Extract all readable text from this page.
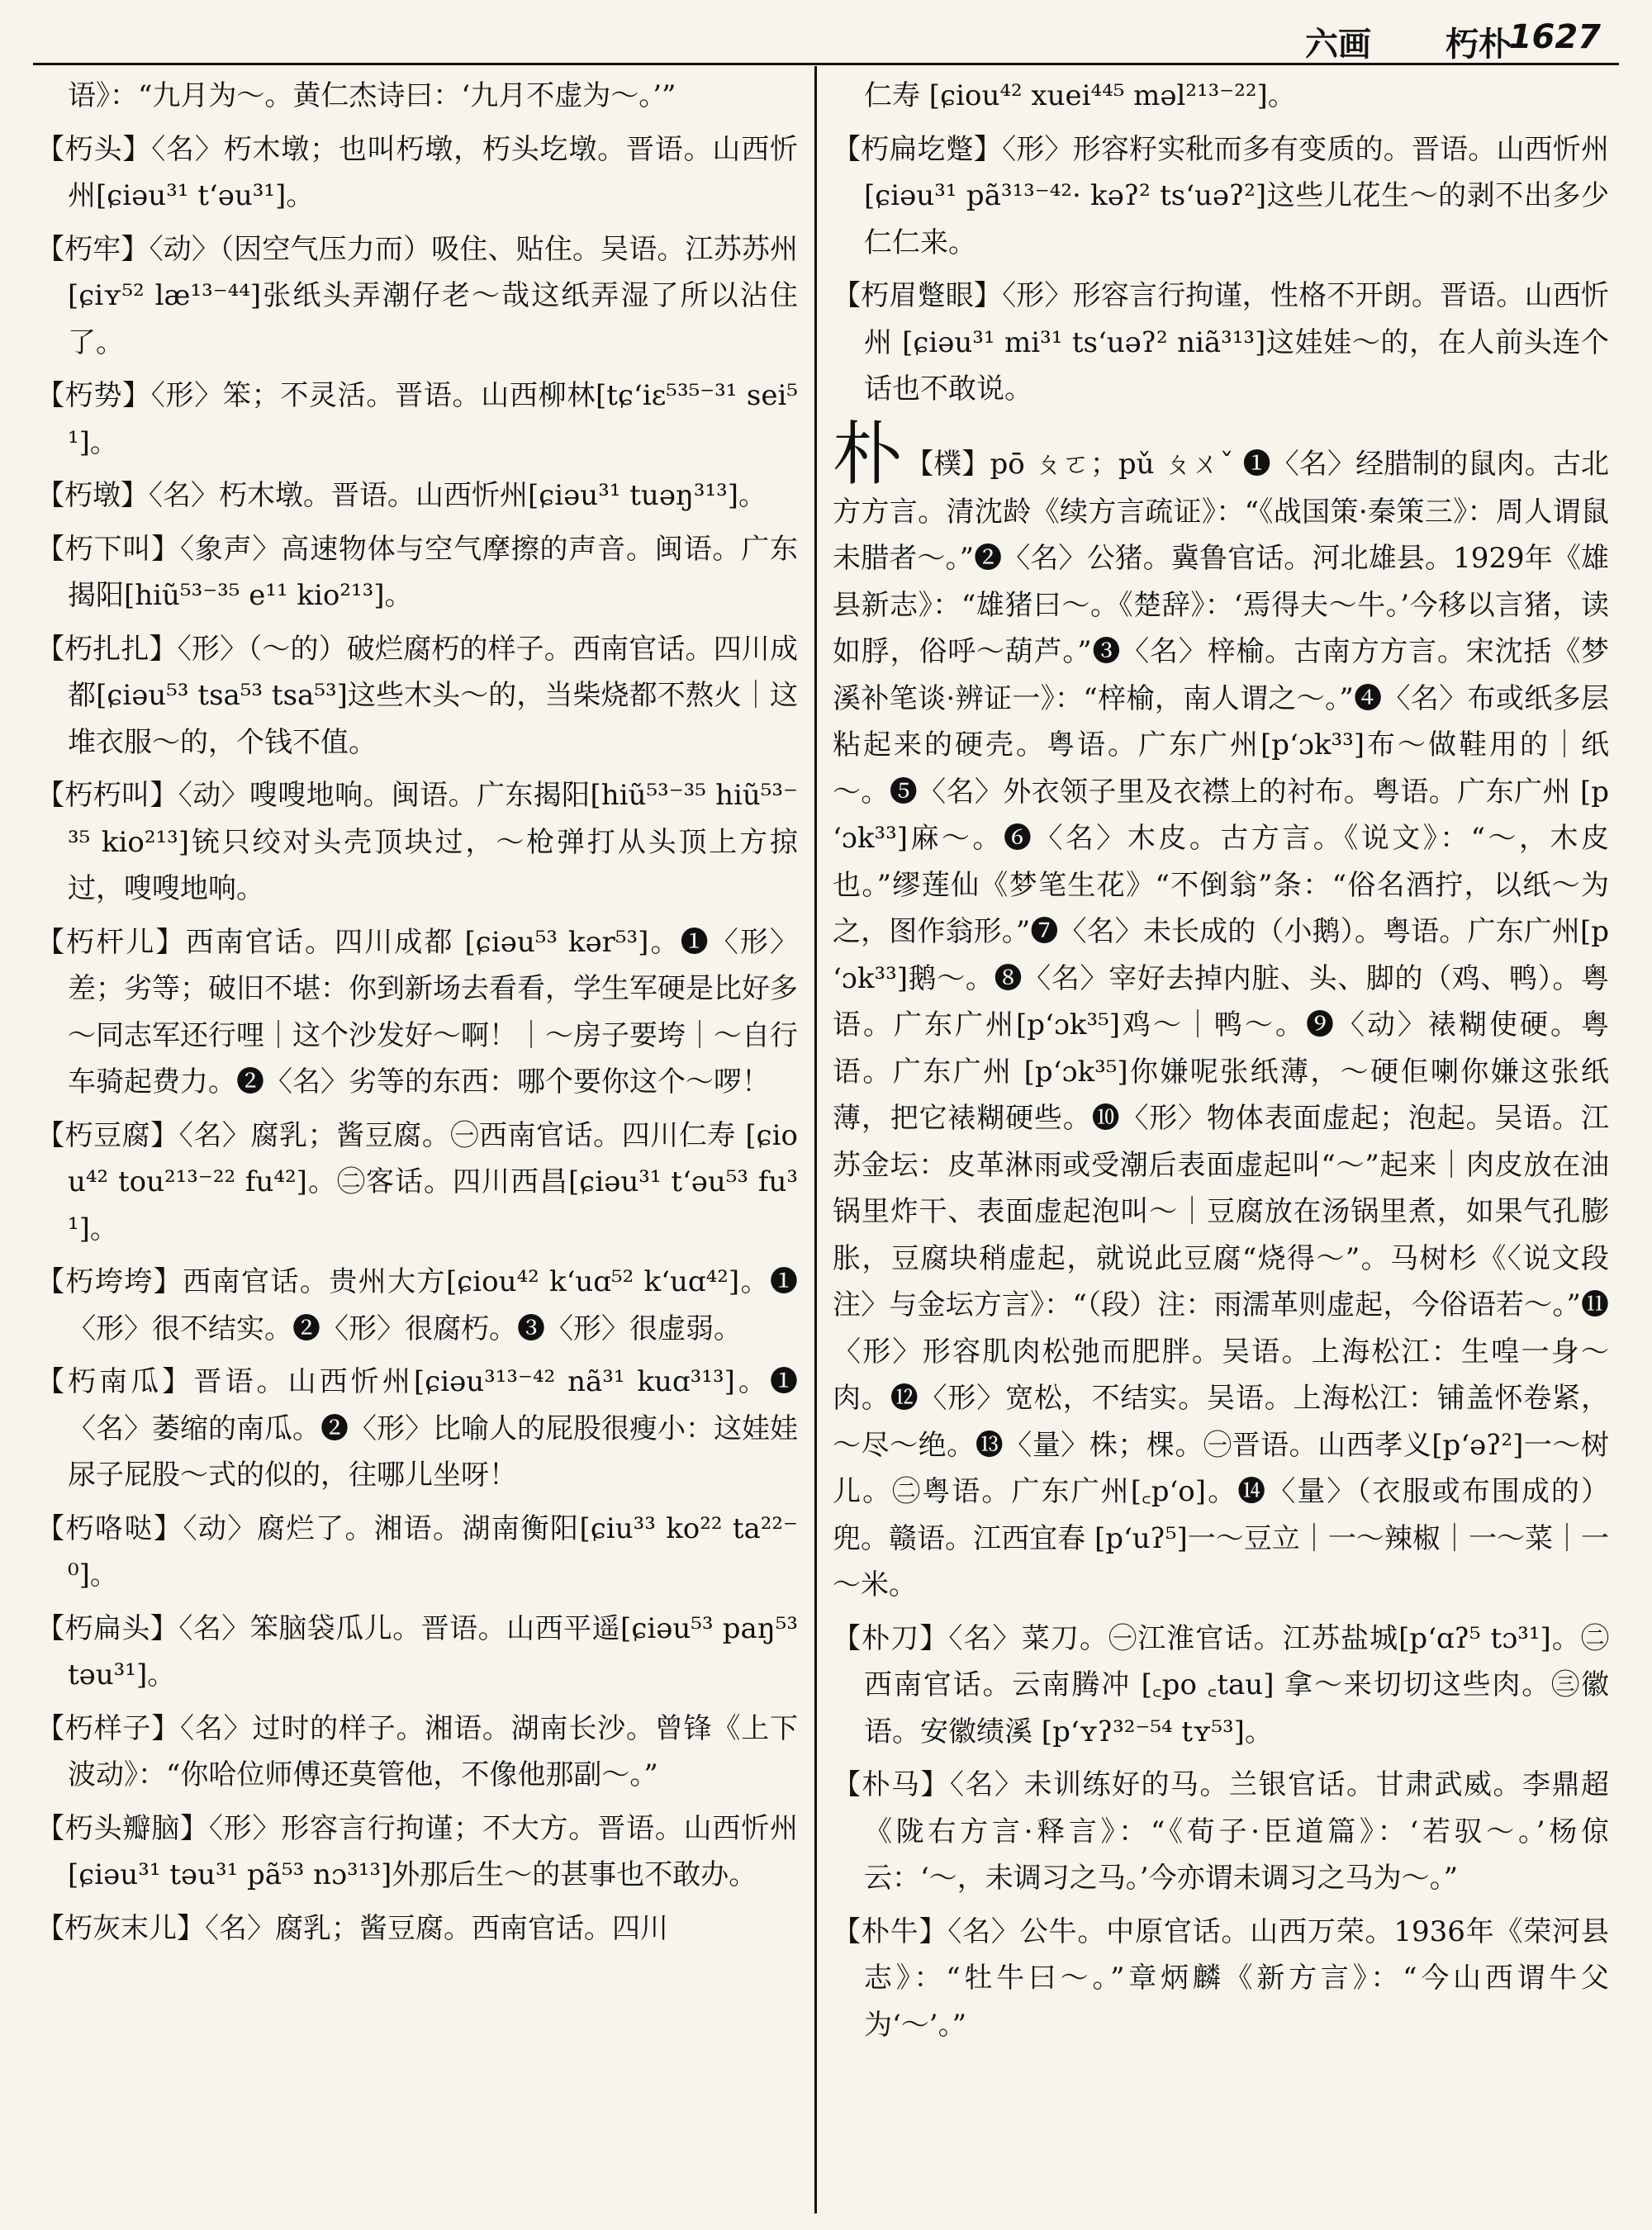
六画 朽朴
1627

语》：“九月为～。黄仁杰诗曰：‘九月不虚为～。’”

【朽头】〈名〉朽木墩；也叫朽墩，朽头圪墩。晋语。山西忻州[ɕiəu³¹ tʻəu³¹]。

【朽牢】〈动〉（因空气压力而）吸住、贴住。吴语。江苏苏州 [ɕiʏ⁵² læ¹³⁻⁴⁴]张纸头弄潮仔老～哉这纸弄湿了所以沾住了。

【朽势】〈形〉笨；不灵活。晋语。山西柳林[tɕʻiɛ⁵³⁵⁻³¹ sei⁵¹]。

【朽墩】〈名〉朽木墩。晋语。山西忻州[ɕiəu³¹ tuəŋ³¹³]。

【朽下叫】〈象声〉高速物体与空气摩擦的声音。闽语。广东揭阳[hiũ⁵³⁻³⁵ e¹¹ kio²¹³]。

【朽扎扎】〈形〉（～的）破烂腐朽的样子。西南官话。四川成都[ɕiəu⁵³ tsa⁵³ tsa⁵³]这些木头～的，当柴烧都不熬火｜这堆衣服～的，个钱不值。

【朽朽叫】〈动〉嗖嗖地响。闽语。广东揭阳[hiũ⁵³⁻³⁵ hiũ⁵³⁻³⁵ kio²¹³]铳只绞对头壳顶块过，～枪弹打从头顶上方掠过，嗖嗖地响。

【朽杆儿】西南官话。四川成都 [ɕiəu⁵³ kər⁵³]。❶〈形〉差；劣等；破旧不堪：你到新场去看看，学生军硬是比好多～同志军还行哩｜这个沙发好～啊！｜～房子要垮｜～自行车骑起费力。❷〈名〉劣等的东西：哪个要你这个～啰！

【朽豆腐】〈名〉腐乳；酱豆腐。㊀西南官话。四川仁寿 [ɕiou⁴² tou²¹³⁻²² fu⁴²]。㊁客话。四川西昌[ɕiəu³¹ tʻəu⁵³ fu³¹]。

【朽垮垮】西南官话。贵州大方[ɕiou⁴² kʻuɑ⁵² kʻuɑ⁴²]。❶〈形〉很不结实。❷〈形〉很腐朽。❸〈形〉很虚弱。

【朽南瓜】晋语。山西忻州[ɕiəu³¹³⁻⁴² nã³¹ kuɑ³¹³]。❶〈名〉萎缩的南瓜。❷〈形〉比喻人的屁股很瘦小：这娃娃尿子屁股～式的似的，往哪儿坐呀！

【朽咯哒】〈动〉腐烂了。湘语。湖南衡阳[ɕiu³³ ko²² ta²²⁻⁰]。

【朽扁头】〈名〉笨脑袋瓜儿。晋语。山西平遥[ɕiəu⁵³ paŋ⁵³ təu³¹]。

【朽样子】〈名〉过时的样子。湘语。湖南长沙。曾锋《上下波动》：“你哈位师傅还莫管他，不像他那副～。”

【朽头瓣脑】〈形〉形容言行拘谨；不大方。晋语。山西忻州[ɕiəu³¹ təu³¹ pã⁵³ nɔ³¹³]外那后生～的甚事也不敢办。

【朽灰末儿】〈名〉腐乳；酱豆腐。西南官话。四川

仁寿 [ɕiou⁴² xuei⁴⁴⁵ məl²¹³⁻²²]。

【朽扁圪蹩】〈形〉形容籽实秕而多有变质的。晋语。山西忻州[ɕiəu³¹ pã³¹³⁻⁴²· kəʔ² tsʻuəʔ²]这些儿花生～的剥不出多少仁仁来。

【朽眉蹩眼】〈形〉形容言行拘谨，性格不开朗。晋语。山西忻州 [ɕiəu³¹ mi³¹ tsʻuəʔ² niã³¹³]这娃娃～的，在人前头连个话也不敢说。

朴 【樸】pō ㄆㄛ；pǔ ㄆㄨˇ ❶〈名〉经腊制的鼠肉。古北方方言。清沈龄《续方言疏证》：“《战国策·秦策三》：周人谓鼠未腊者～。”❷〈名〉公猪。冀鲁官话。河北雄县。1929年《雄县新志》：“雄猪曰～。《楚辞》：‘焉得夫～牛。’今移以言猪，读如脬，俗呼～葫芦。”❸〈名〉梓榆。古南方方言。宋沈括《梦溪补笔谈·辨证一》：“梓榆，南人谓之～。”❹〈名〉布或纸多层粘起来的硬壳。粤语。广东广州[pʻɔk³³]布～做鞋用的｜纸～。❺〈名〉外衣领子里及衣襟上的衬布。粤语。广东广州 [pʻɔk³³]麻～。❻〈名〉木皮。古方言。《说文》：“～，木皮也。”缪莲仙《梦笔生花》“不倒翁”条：“俗名酒拧，以纸～为之，图作翁形。”❼〈名〉未长成的（小鹅）。粤语。广东广州[pʻɔk³³]鹅～。❽〈名〉宰好去掉内脏、头、脚的（鸡、鸭）。粤语。广东广州[pʻɔk³⁵]鸡～｜鸭～。❾〈动〉裱糊使硬。粤语。广东广州 [pʻɔk³⁵]你嫌呢张纸薄，～硬佢喇你嫌这张纸薄，把它裱糊硬些。❿〈形〉物体表面虚起；泡起。吴语。江苏金坛：皮革淋雨或受潮后表面虚起叫“～”起来｜肉皮放在油锅里炸干、表面虚起泡叫～｜豆腐放在汤锅里煮，如果气孔膨胀，豆腐块稍虚起，就说此豆腐“烧得～”。马树杉《〈说文段注〉与金坛方言》：“（段）注：雨濡革则虚起，今俗语若～。”⓫〈形〉形容肌肉松弛而肥胖。吴语。上海松江：生喤一身～肉。⓬〈形〉宽松，不结实。吴语。上海松江：铺盖怀卷紧，～尽～绝。⓭〈量〉株；棵。㊀晋语。山西孝义[pʻəʔ²]一～树儿。㊁粤语。广东广州[꜀pʻo]。⓮〈量〉（衣服或布围成的）兜。赣语。江西宜春 [pʻuʔ⁵]一～豆立｜一～辣椒｜一～菜｜一～米。

【朴刀】〈名〉菜刀。㊀江淮官话。江苏盐城[pʻɑʔ⁵ tɔ³¹]。㊁西南官话。云南腾冲 [꜀po ꜀tau] 拿～来切切这些肉。㊂徽语。安徽绩溪 [pʻʏʔ³²⁻⁵⁴ tʏ⁵³]。

【朴马】〈名〉未训练好的马。兰银官话。甘肃武威。李鼎超《陇右方言·释言》：“《荀子·臣道篇》：‘若驭～。’杨倞云：‘～，未调习之马。’今亦谓未调习之马为～。”

【朴牛】〈名〉公牛。中原官话。山西万荣。1936年《荣河县志》：“牡牛曰～。”章炳麟《新方言》：“今山西谓牛父为‘～’。”
